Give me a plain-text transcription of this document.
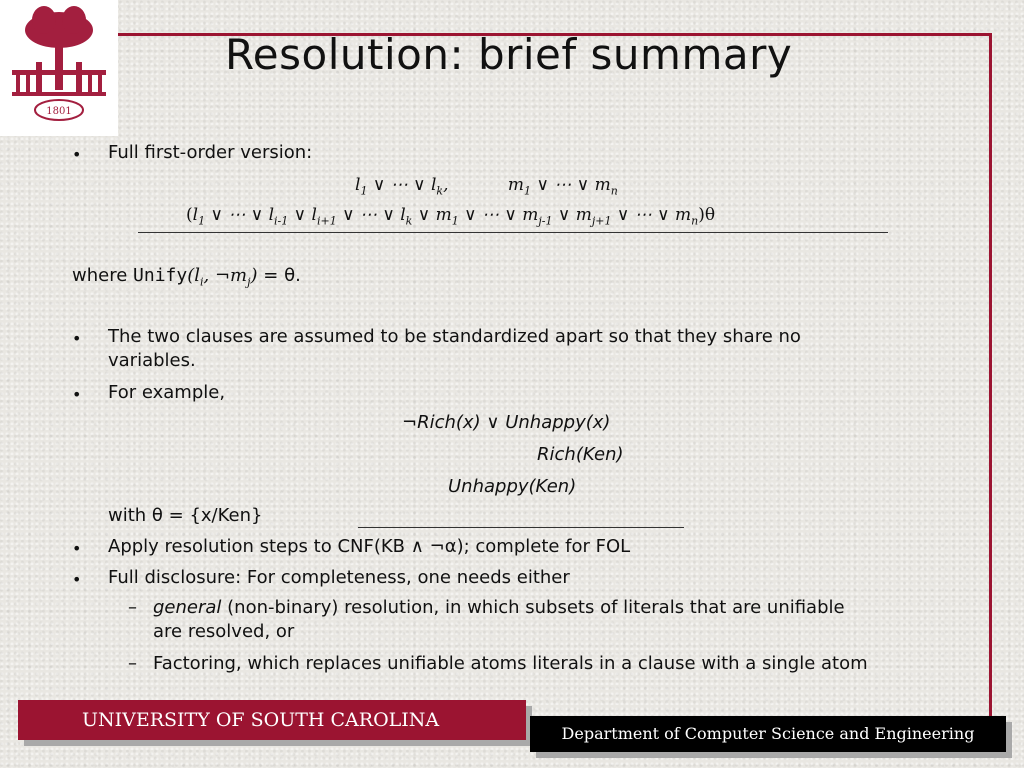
1801
Resolution: brief summary
• Full first-order version:
$l_1$ ∨ ⋯ ∨ $l_k$,           $m_1$ ∨ ⋯ ∨ $m_n$
($l_1$ ∨ ⋯ ∨ $l_{i-1}$ ∨ $l_{i+1}$ ∨ ⋯ ∨ $l_k$ ∨ $m_1$ ∨ ⋯ ∨ $m_{j-1}$ ∨ $m_{j+1}$ ∨ ⋯ ∨ $m_n)\theta$
where $Unify(l_i$, $\neg m_j) = \theta$.
• The two clauses are assumed to be standardized apart so that they share no
variables.
• For example,
¬Rich(x) ∨ Unhappy(x)
Rich(Ken)
Unhappy(Ken)
with θ = {x/Ken}
• Apply resolution steps to CNF(KB ∧ ¬α); complete for FOL
• Full disclosure: For completeness, one needs either
– general (non-binary) resolution, in which subsets of literals that are unifiable
are resolved, or
– Factoring, which replaces unifiable atoms literals in a clause with a single atom
UNIVERSITY OF SOUTH CAROLINA
Department of Computer Science and Engineering
